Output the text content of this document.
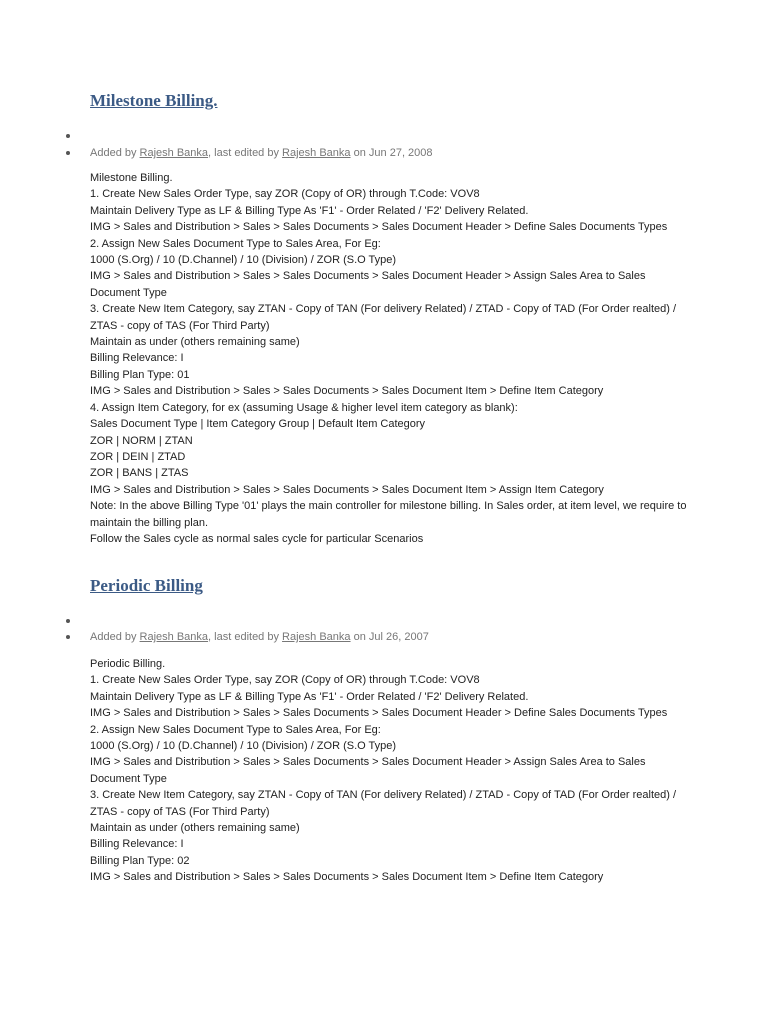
Milestone Billing.
Added by Rajesh Banka, last edited by Rajesh Banka on Jun 27, 2008
Milestone Billing.
1. Create New Sales Order Type, say ZOR (Copy of OR) through T.Code: VOV8
Maintain Delivery Type as LF & Billing Type As 'F1' - Order Related / 'F2' Delivery Related.
IMG > Sales and Distribution > Sales > Sales Documents > Sales Document Header > Define Sales Documents Types
2. Assign New Sales Document Type to Sales Area, For Eg:
1000 (S.Org) / 10 (D.Channel) / 10 (Division) / ZOR (S.O Type)
IMG > Sales and Distribution > Sales > Sales Documents > Sales Document Header > Assign Sales Area to Sales
Document Type
3. Create New Item Category, say ZTAN - Copy of TAN (For delivery Related) / ZTAD - Copy of TAD (For Order realted) /
ZTAS - copy of TAS (For Third Party)
Maintain as under (others remaining same)
Billing Relevance: I
Billing Plan Type: 01
IMG > Sales and Distribution > Sales > Sales Documents > Sales Document Item > Define Item Category
4. Assign Item Category, for ex (assuming Usage & higher level item category as blank):
Sales Document Type | Item Category Group | Default Item Category
ZOR | NORM | ZTAN
ZOR | DEIN | ZTAD
ZOR | BANS | ZTAS
IMG > Sales and Distribution > Sales > Sales Documents > Sales Document Item > Assign Item Category
Note: In the above Billing Type '01' plays the main controller for milestone billing. In Sales order, at item level, we require to
maintain the billing plan.
Follow the Sales cycle as normal sales cycle for particular Scenarios
Periodic Billing
Added by Rajesh Banka, last edited by Rajesh Banka on Jul 26, 2007
Periodic Billing.
1. Create New Sales Order Type, say ZOR (Copy of OR) through T.Code: VOV8
Maintain Delivery Type as LF & Billing Type As 'F1' - Order Related / 'F2' Delivery Related.
IMG > Sales and Distribution > Sales > Sales Documents > Sales Document Header > Define Sales Documents Types
2. Assign New Sales Document Type to Sales Area, For Eg:
1000 (S.Org) / 10 (D.Channel) / 10 (Division) / ZOR (S.O Type)
IMG > Sales and Distribution > Sales > Sales Documents > Sales Document Header > Assign Sales Area to Sales
Document Type
3. Create New Item Category, say ZTAN - Copy of TAN (For delivery Related) / ZTAD - Copy of TAD (For Order realted) /
ZTAS - copy of TAS (For Third Party)
Maintain as under (others remaining same)
Billing Relevance: I
Billing Plan Type: 02
IMG > Sales and Distribution > Sales > Sales Documents > Sales Document Item > Define Item Category
